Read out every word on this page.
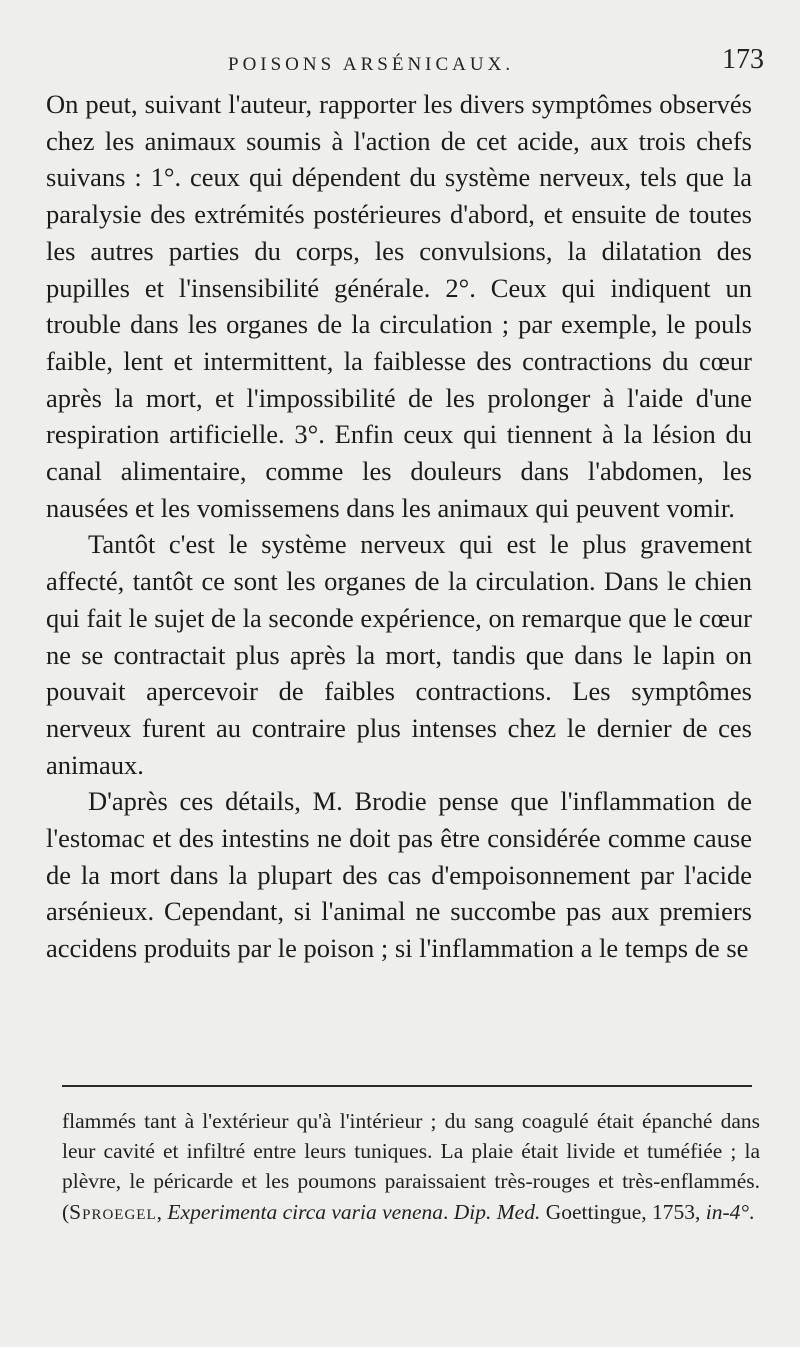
POISONS ARSÉNICAUX.	173

On peut, suivant l'auteur, rapporter les divers symptômes observés chez les animaux soumis à l'action de cet acide, aux trois chefs suivans : 1°. ceux qui dépendent du système nerveux, tels que la paralysie des extrémités postérieures d'abord, et ensuite de toutes les autres parties du corps, les convulsions, la dilatation des pupilles et l'insensibilité générale. 2°. Ceux qui indiquent un trouble dans les organes de la circulation ; par exemple, le pouls faible, lent et intermittent, la faiblesse des contractions du cœur après la mort, et l'impossibilité de les prolonger à l'aide d'une respiration artificielle. 3°. Enfin ceux qui tiennent à la lésion du canal alimentaire, comme les douleurs dans l'abdomen, les nausées et les vomissemens dans les animaux qui peuvent vomir.

Tantôt c'est le système nerveux qui est le plus gravement affecté, tantôt ce sont les organes de la circulation. Dans le chien qui fait le sujet de la seconde expérience, on remarque que le cœur ne se contractait plus après la mort, tandis que dans le lapin on pouvait apercevoir de faibles contractions. Les symptômes nerveux furent au contraire plus intenses chez le dernier de ces animaux.

D'après ces détails, M. Brodie pense que l'inflammation de l'estomac et des intestins ne doit pas être considérée comme cause de la mort dans la plupart des cas d'empoisonnement par l'acide arsénieux. Cependant, si l'animal ne succombe pas aux premiers accidens produits par le poison ; si l'inflammation a le temps de se

flammés tant à l'extérieur qu'à l'intérieur ; du sang coagulé était épanché dans leur cavité et infiltré entre leurs tuniques. La plaie était livide et tuméfiée ; la plèvre, le péricarde et les poumons paraissaient très-rouges et très-enflammés. (Sproegel, Experimenta circa varia venena. Dip. Med. Goettingue, 1753, in-4°.
